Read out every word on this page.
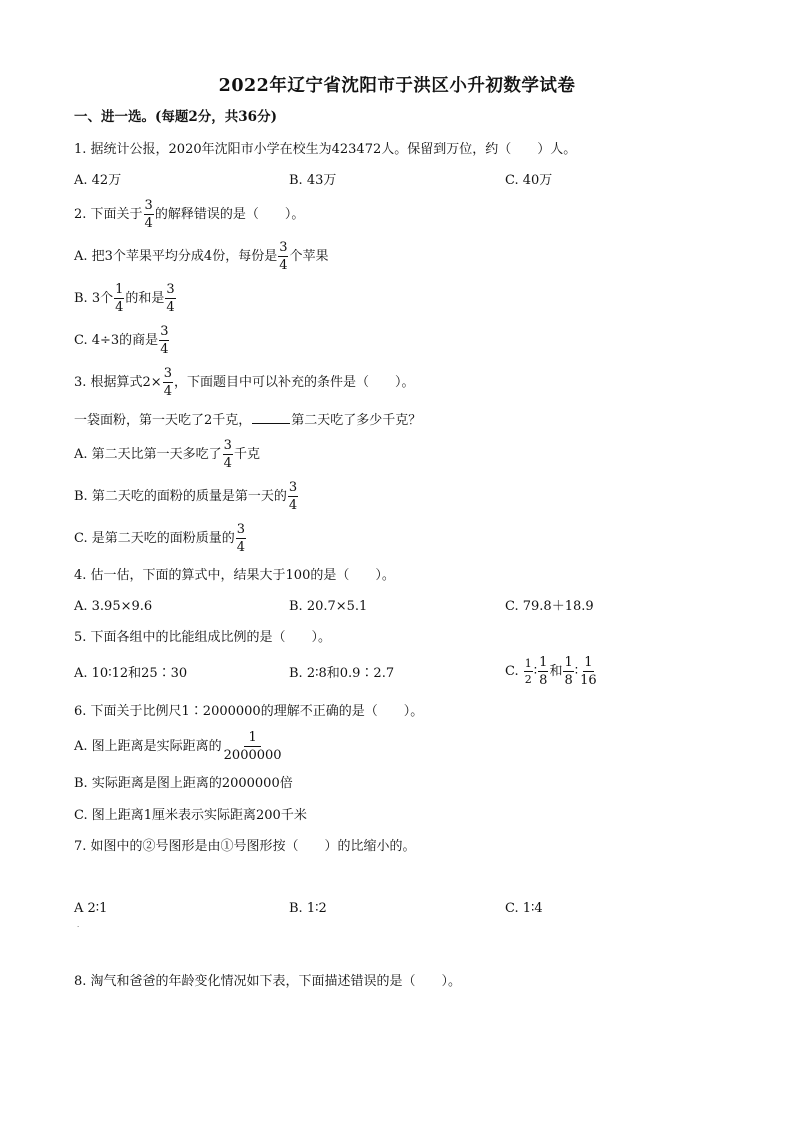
2022年辽宁省沈阳市于洪区小升初数学试卷
一、进一选。(每题2分，共36分)
1. 据统计公报，2020年沈阳市小学在校生为423472人。保留到万位，约（　　）人。
A. 42万	B. 43万	C. 40万
2. 下面关于 $\frac{3}{4}$ 的解释错误的是（　　）。
A. 把3个苹果平均分成4份，每份是 $\frac{3}{4}$ 个苹果
B. 3个 $\frac{1}{4}$ 的和是 $\frac{3}{4}$
C. 4÷3的商是 $\frac{3}{4}$
3. 根据算式$2\times \frac{3}{4}$ ，下面题目中可以补充的条件是（　　）。
一袋面粉，第一天吃了2千克，	第二天吃了多少千克？
A. 第二天比第一天多吃了 $\frac{3}{4}$ 千克
B. 第二天吃的面粉的质量是第一天的 $\frac{3}{4}$
C. 是第二天吃的面粉质量的 $\frac{3}{4}$
4. 估一估，下面的算式中，结果大于100的是（　　）。
A. 3.95×9.6	B. 20.7×5.1	C. 79.8＋18.9
5. 下面各组中的比能组成比例的是（　　）。
A. 10∶12和25∶30	B. 2∶8和0.9∶2.7	C. $\frac{1}{2}$ ∶ $\frac{1}{8}$ 和 $\frac{1}{8}$ ∶ $\frac{1}{16}$
6. 下面关于比例尺1∶2000000的理解不正确的是（　　）。
A. 图上距离是实际距离的 $\frac{1}{2000000}$
B. 实际距离是图上距离的2000000倍
C. 图上距离1厘米表示实际距离200千米
7. 如图中的②号图形是由①号图形按（　　）的比缩小的。
A 2∶1	B. 1∶2	C. 1∶4
·
8. 淘气和爸爸的年龄变化情况如下表，下面描述错误的是（　　）。
